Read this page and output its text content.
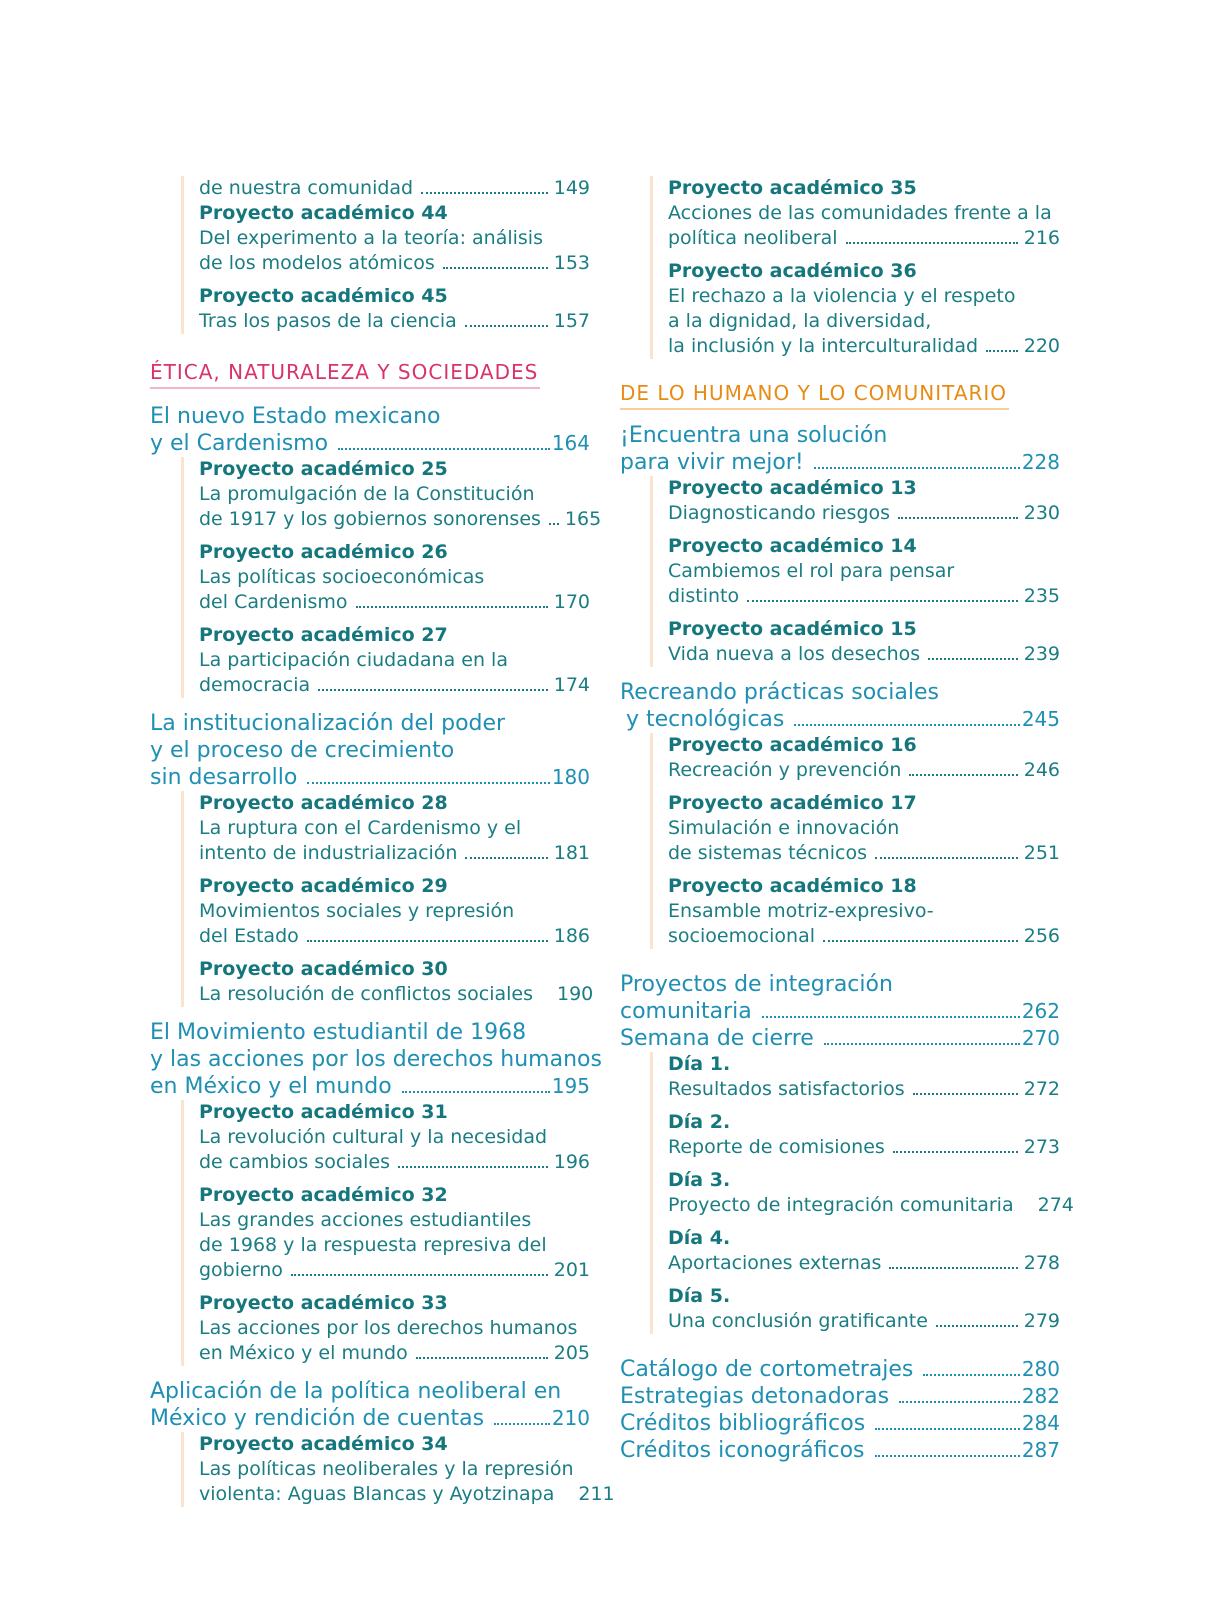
de nuestra comunidad	149
Proyecto académico 44
Del experimento a la teoría: análisis
de los modelos atómicos	153
Proyecto académico 45
Tras los pasos de la ciencia	157
ÉTICA, NATURALEZA Y SOCIEDADES
El nuevo Estado mexicano
y el Cardenismo	164
Proyecto académico 25
La promulgación de la Constitución
de 1917 y los gobiernos sonorenses 165
Proyecto académico 26
Las políticas socioeconómicas
del Cardenismo	170
Proyecto académico 27
La participación ciudadana en la
democracia	174
La institucionalización del poder
y el proceso de crecimiento
sin desarrollo	180
Proyecto académico 28
La ruptura con el Cardenismo y el
intento de industrialización	181
Proyecto académico 29
Movimientos sociales y represión
del Estado	186
Proyecto académico 30
La resolución de conflictos sociales 190
El Movimiento estudiantil de 1968
y las acciones por los derechos humanos
en México y el mundo	195
Proyecto académico 31
La revolución cultural y la necesidad
de cambios sociales	196
Proyecto académico 32
Las grandes acciones estudiantiles
de 1968 y la respuesta represiva del
gobierno	201
Proyecto académico 33
Las acciones por los derechos humanos
en México y el mundo	205
Aplicación de la política neoliberal en
México y rendición de cuentas	210
Proyecto académico 34
Las políticas neoliberales y la represión
violenta: Aguas Blancas y Ayotzinapa 211
Proyecto académico 35
Acciones de las comunidades frente a la
política neoliberal	216
Proyecto académico 36
El rechazo a la violencia y el respeto
a la dignidad, la diversidad,
la inclusión y la interculturalidad 220
DE LO HUMANO Y LO COMUNITARIO
¡Encuentra una solución
para vivir mejor!	228
Proyecto académico 13
Diagnosticando riesgos	230
Proyecto académico 14
Cambiemos el rol para pensar
distinto	235
Proyecto académico 15
Vida nueva a los desechos	239
Recreando prácticas sociales
y tecnológicas	245
Proyecto académico 16
Recreación y prevención	246
Proyecto académico 17
Simulación e innovación
de sistemas técnicos	251
Proyecto académico 18
Ensamble motriz-expresivo-
socioemocional	256
Proyectos de integración
comunitaria	262
Semana de cierre	270
Día 1.
Resultados satisfactorios	272
Día 2.
Reporte de comisiones	273
Día 3.
Proyecto de integración comunitaria 274
Día 4.
Aportaciones externas	278
Día 5.
Una conclusión gratificante	279
Catálogo de cortometrajes	280
Estrategias detonadoras	282
Créditos bibliográficos	284
Créditos iconográficos	287
